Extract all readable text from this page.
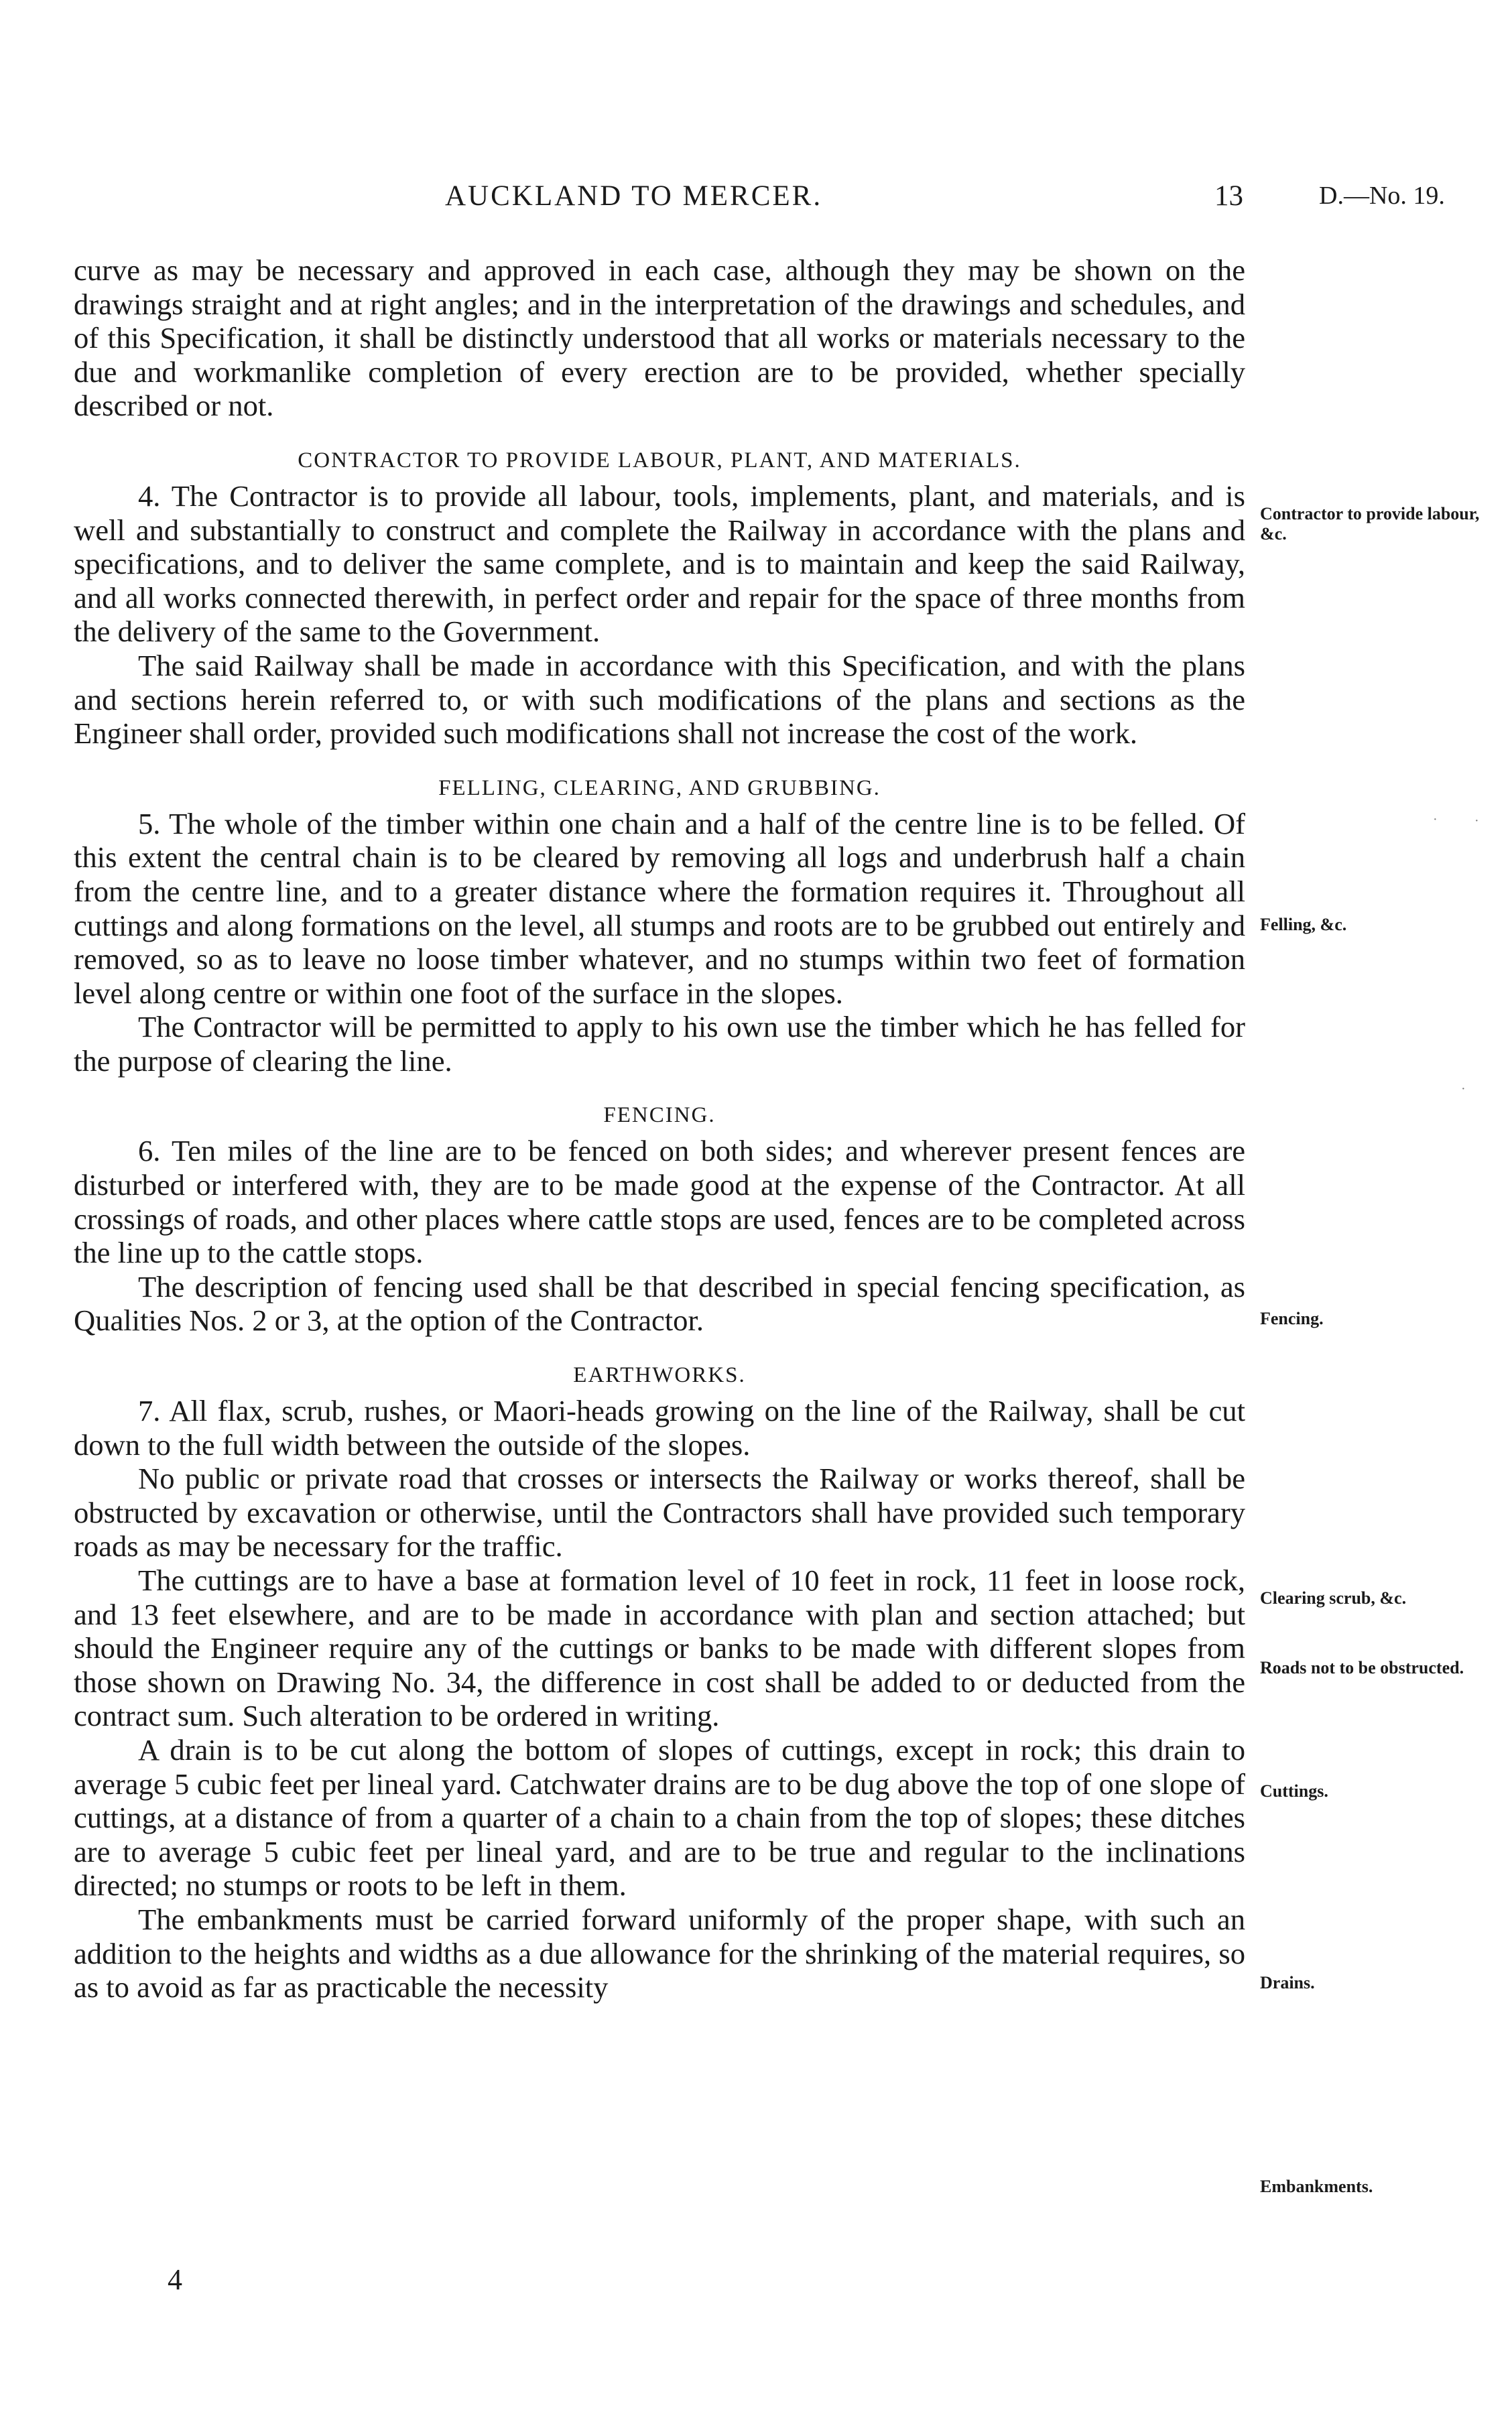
AUCKLAND TO MERCER.	13	D.—No. 19.

curve as may be necessary and approved in each case, although they may be shown on the drawings straight and at right angles; and in the interpretation of the drawings and schedules, and of this Specification, it shall be distinctly understood that all works or materials necessary to the due and workmanlike completion of every erection are to be provided, whether specially described or not.

CONTRACTOR TO PROVIDE LABOUR, PLANT, AND MATERIALS.

4. The Contractor is to provide all labour, tools, implements, plant, and materials, and is well and substantially to construct and complete the Railway in accordance with the plans and specifications, and to deliver the same complete, and is to maintain and keep the said Railway, and all works connected therewith, in perfect order and repair for the space of three months from the delivery of the same to the Government.

The said Railway shall be made in accordance with this Specification, and with the plans and sections herein referred to, or with such modifications of the plans and sections as the Engineer shall order, provided such modifications shall not increase the cost of the work.

FELLING, CLEARING, AND GRUBBING.

5. The whole of the timber within one chain and a half of the centre line is to be felled. Of this extent the central chain is to be cleared by removing all logs and underbrush half a chain from the centre line, and to a greater distance where the formation requires it. Throughout all cuttings and along formations on the level, all stumps and roots are to be grubbed out entirely and removed, so as to leave no loose timber whatever, and no stumps within two feet of formation level along centre or within one foot of the surface in the slopes.

The Contractor will be permitted to apply to his own use the timber which he has felled for the purpose of clearing the line.

FENCING.

6. Ten miles of the line are to be fenced on both sides; and wherever present fences are disturbed or interfered with, they are to be made good at the expense of the Contractor. At all crossings of roads, and other places where cattle stops are used, fences are to be completed across the line up to the cattle stops.

The description of fencing used shall be that described in special fencing specification, as Qualities Nos. 2 or 3, at the option of the Contractor.

EARTHWORKS.

7. All flax, scrub, rushes, or Maori-heads growing on the line of the Railway, shall be cut down to the full width between the outside of the slopes.

No public or private road that crosses or intersects the Railway or works thereof, shall be obstructed by excavation or otherwise, until the Contractors shall have provided such temporary roads as may be necessary for the traffic.

The cuttings are to have a base at formation level of 10 feet in rock, 11 feet in loose rock, and 13 feet elsewhere, and are to be made in accordance with plan and section attached; but should the Engineer require any of the cuttings or banks to be made with different slopes from those shown on Drawing No. 34, the difference in cost shall be added to or deducted from the contract sum. Such alteration to be ordered in writing.

A drain is to be cut along the bottom of slopes of cuttings, except in rock; this drain to average 5 cubic feet per lineal yard. Catchwater drains are to be dug above the top of one slope of cuttings, at a distance of from a quarter of a chain to a chain from the top of slopes; these ditches are to average 5 cubic feet per lineal yard, and are to be true and regular to the inclinations directed; no stumps or roots to be left in them.

The embankments must be carried forward uniformly of the proper shape, with such an addition to the heights and widths as a due allowance for the shrinking of the material requires, so as to avoid as far as practicable the necessity

Contractor to provide labour, &c.
Felling, &c.
Fencing.
Clearing scrub, &c.
Roads not to be obstructed.
Cuttings.
Drains.
Embankments.
4
·	·
·
